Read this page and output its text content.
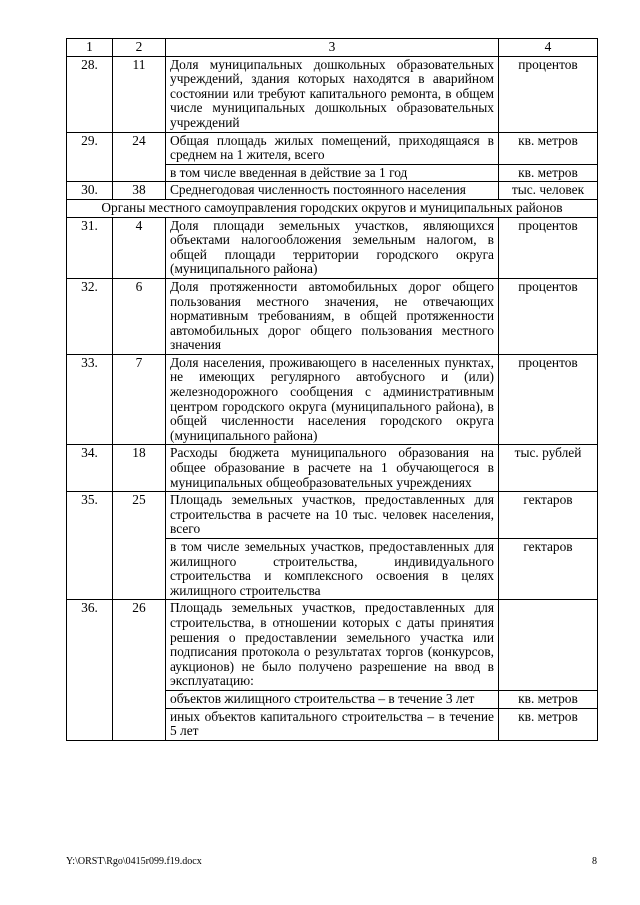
1	2	3	4
28.	11	Доля муниципальных дошкольных образовательных учреждений, здания которых находятся в аварийном состоянии или требуют капитального ремонта, в общем числе муниципальных дошкольных образовательных учреждений	процентов
29.	24	Общая площадь жилых помещений, приходящаяся в среднем на 1 жителя, всего	кв. метров
		в том числе введенная в действие за 1 год	кв. метров
30.	38	Среднегодовая численность постоянного населения	тыс. человек
Органы местного самоуправления городских округов и муниципальных районов			
31.	4	Доля площади земельных участков, являющихся объектами налогообложения земельным налогом, в общей площади территории городского округа (муниципального района)	процентов
32.	6	Доля протяженности автомобильных дорог общего пользования местного значения, не отвечающих нормативным требованиям, в общей протяженности автомобильных дорог общего пользования местного значения	процентов
33.	7	Доля населения, проживающего в населенных пунктах, не имеющих регулярного автобусного и (или) железнодорожного сообщения с административным центром городского округа (муниципального района), в общей численности населения городского округа (муниципального района)	процентов
34.	18	Расходы бюджета муниципального образования на общее образование в расчете на 1 обучающегося в муниципальных общеобразовательных учреждениях	тыс. рублей
35.	25	Площадь земельных участков, предоставленных для строительства в расчете на 10 тыс. человек населения, всего	гектаров
		в том числе земельных участков, предоставленных для жилищного строительства, индивидуального строительства и комплексного освоения в целях жилищного строительства	гектаров
36.	26	Площадь земельных участков, предоставленных для строительства, в отношении которых с даты принятия решения о предоставлении земельного участка или подписания протокола о результатах торгов (конкурсов, аукционов) не было получено разрешение на ввод в эксплуатацию:	
		объектов жилищного строительства – в течение 3 лет	кв. метров
		иных объектов капитального строительства – в течение 5 лет	кв. метров
Y:\ORST\Rgo\0415r099.f19.docx	8
